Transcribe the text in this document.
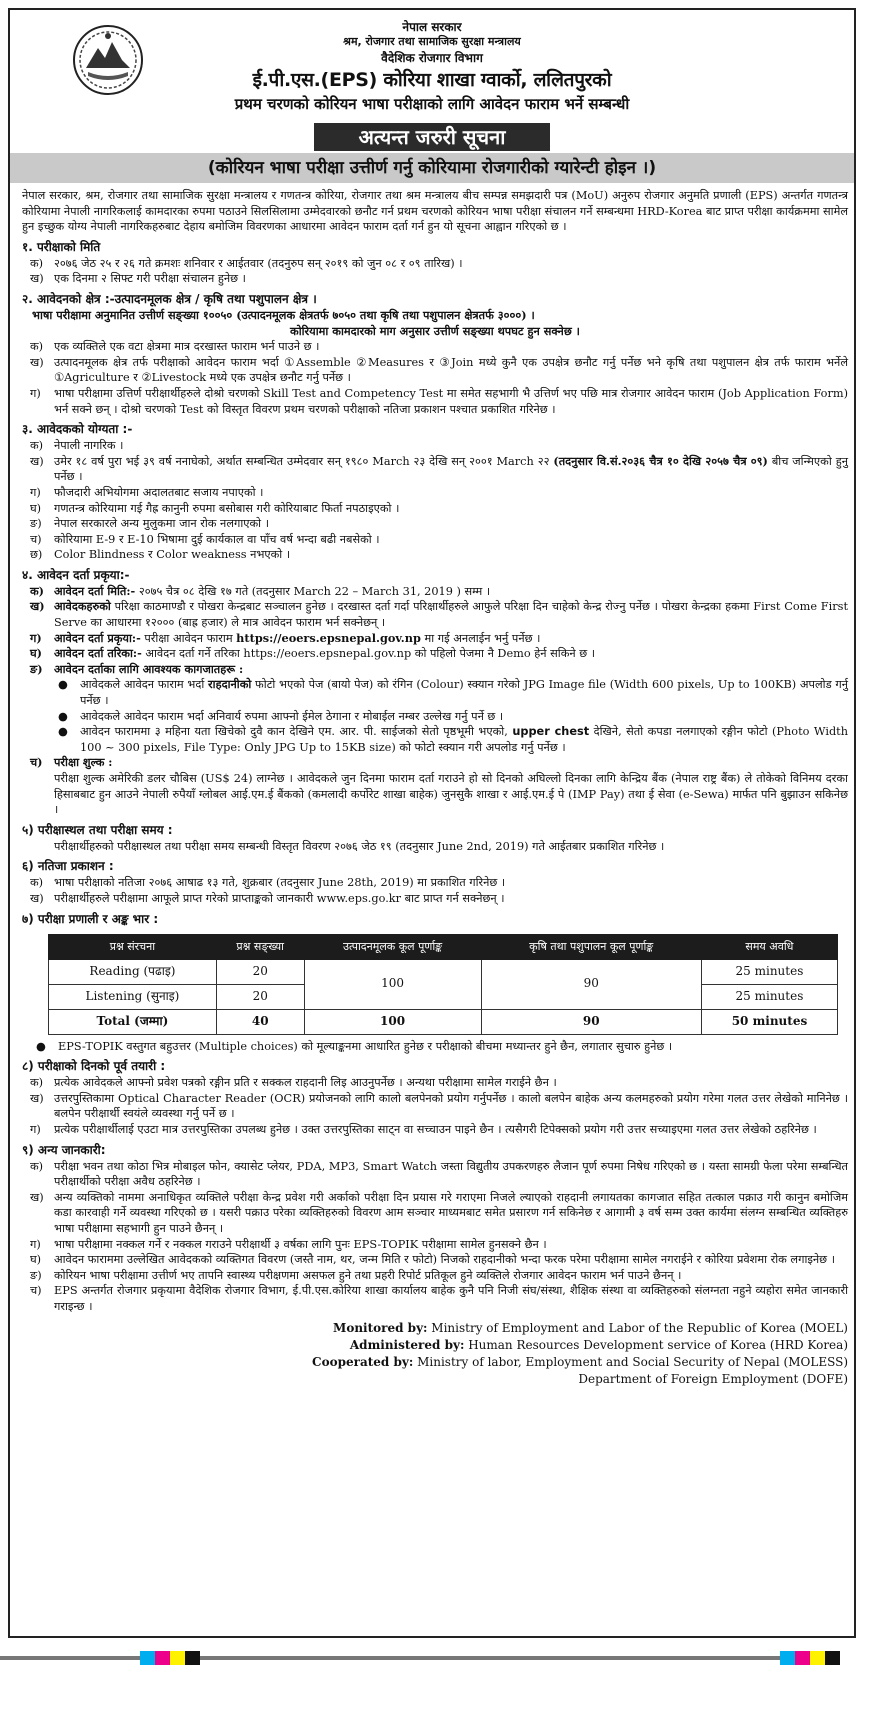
नेपाल सरकार
श्रम, रोजगार तथा सामाजिक सुरक्षा मन्त्रालय
वैदेशिक रोजगार विभाग
ई.पी.एस.(EPS) कोरिया शाखा ग्वार्को, ललितपुरको
प्रथम चरणको कोरियन भाषा परीक्षाको लागि आवेदन फाराम भर्ने सम्बन्धी
अत्यन्त जरुरी सूचना
(कोरियन भाषा परीक्षा उत्तीर्ण गर्नु कोरियामा रोजगारीको ग्यारेन्टी होइन ।)

नेपाल सरकार, श्रम, रोजगार तथा सामाजिक सुरक्षा मन्त्रालय र गणतन्त्र कोरिया, रोजगार तथा श्रम मन्त्रालय बीच सम्पन्न समझदारी पत्र (MoU) अनुरुप रोजगार अनुमति प्रणाली (EPS) अन्तर्गत गणतन्त्र कोरियामा नेपाली नागरिकलाई कामदारका रुपमा पठाउने सिलसिलामा उम्मेदवारको छनौट गर्न प्रथम चरणको कोरियन भाषा परीक्षा संचालन गर्ने सम्बन्धमा HRD-Korea बाट प्राप्त परीक्षा कार्यक्रममा सामेल हुन इच्छुक योग्य नेपाली नागरिकहरुबाट देहाय बमोजिम विवरणका आधारमा आवेदन फाराम दर्ता गर्न हुन यो सूचना आह्वान गरिएको छ ।

१. परीक्षाको मिति
क) २०७६ जेठ २५ र २६ गते क्रमशः शनिवार र आईतवार (तदनुरुप सन् २०१९ को जुन ०८ र ०९ तारिख) ।
ख) एक दिनमा २ सिफ्ट गरी परीक्षा संचालन हुनेछ ।
२. आवेदनको क्षेत्र :-उत्पादनमूलक क्षेत्र / कृषि तथा पशुपालन क्षेत्र ।

भाषा परीक्षामा अनुमानित उत्तीर्ण सङ्ख्या १००५० (उत्पादनमूलक क्षेत्रतर्फ ७०५० तथा कृषि तथा पशुपालन क्षेत्रतर्फ ३०००) ।

कोरियामा कामदारको माग अनुसार उत्तीर्ण सङ्ख्या थपघट हुन सक्नेछ ।

क) एक व्यक्तिले एक वटा क्षेत्रमा मात्र दरखास्त फाराम भर्न पाउने छ ।
ख) उत्पादनमूलक क्षेत्र तर्फ परीक्षाको आवेदन फाराम भर्दा ①Assemble ②Measures र ③Join मध्ये कुनै एक उपक्षेत्र छनौट गर्नु पर्नेछ भने कृषि तथा पशुपालन क्षेत्र तर्फ फाराम भर्नेले ①Agriculture र ②Livestock मध्ये एक उपक्षेत्र छनौट गर्नु पर्नेछ ।
ग)	भाषा परीक्षामा उत्तिर्ण परीक्षार्थीहरुले दोश्रो चरणको Skill Test and Competency Test मा समेत सहभागी भै उत्तिर्ण भए पछि मात्र रोजगार आवेदन फाराम (Job Application Form) भर्न सक्ने छन् । दोश्रो चरणको Test को विस्तृत विवरण प्रथम चरणको परीक्षाको नतिजा प्रकाशन पश्चात प्रकाशित गरिनेछ ।
३. आवेदकको योग्यता :-
क) नेपाली नागरिक ।
ख) उमेर १८ वर्ष पुरा भई ३९ वर्ष ननाघेको, अर्थात सम्बन्धित उम्मेदवार सन् १९८० March २३ देखि सन् २००१ March २२ (तदनुसार वि.सं.२०३६ चैत्र १० देखि २०५७ चैत्र ०९) बीच जन्मिएको हुनु पर्नेछ ।
ग)	फौजदारी अभियोगमा अदालतबाट सजाय नपाएको ।
घ)	गणतन्त्र कोरियामा गई गैह्र कानुनी रुपमा बसोबास गरी कोरियाबाट फिर्ता नपठाइएको ।
ङ)	नेपाल सरकारले अन्य मुलुकमा जान रोक नलगाएको ।
च)	कोरियामा E-9 र E-10 भिषामा दुई कार्यकाल वा पाँच वर्ष भन्दा बढी नबसेको ।
छ)	Color Blindness र Color weakness नभएको ।
४. आवेदन दर्ता प्रकृया:-
क) आवेदन दर्ता मिति:- २०७५ चैत्र ०८ देखि १७ गते (तदनुसार March 22 – March 31, 2019 ) सम्म ।
ख) आवेदकहरुको परिक्षा काठमाण्डौ र पोखरा केन्द्रबाट सञ्चालन हुनेछ । दरखास्त दर्ता गर्दा परिक्षार्थीहरुले आफुले परिक्षा दिन चाहेको केन्द्र रोज्नु पर्नेछ । पोखरा केन्द्रका हकमा First Come First Serve का आधारमा १२००० (बाह्र हजार) ले मात्र आवेदन फाराम भर्न सक्नेछन् ।
ग)	आवेदन दर्ता प्रकृया:- परीक्षा आवेदन फाराम https://eoers.epsnepal.gov.np मा गई अनलाईन भर्नु पर्नेछ ।
घ)	आवेदन दर्ता तरिका:- आवेदन दर्ता गर्ने तरिका https://eoers.epsnepal.gov.np को पहिलो पेजमा नै Demo हेर्न सकिने छ ।
ङ)	आवेदन दर्ताका लागि आवश्यक कागजातहरू :
●	आवेदकले आवेदन फाराम भर्दा राहदानीको फोटो भएको पेज (बायो पेज) को रंगिन (Colour) स्क्यान गरेको JPG Image file (Width 600 pixels, Up to 100KB) अपलोड गर्नु पर्नेछ ।
●	आवेदकले आवेदन फाराम भर्दा अनिवार्य रुपमा आफ्नो ईमेल ठेगाना र मोबाईल नम्बर उल्लेख गर्नु पर्ने छ ।
●	आवेदन फाराममा ३ महिना यता खिचेको दुवै कान देखिने एम. आर. पी. साईजको सेतो पृष्ठभूमी भएको, upper chest देखिने, सेतो कपडा नलगाएको रङ्गीन फोटो (Photo Width 100 ~ 300 pixels, File Type: Only JPG Up to 15KB size) को फोटो स्क्यान गरी अपलोड गर्नु पर्नेछ ।
च)	परीक्षा शुल्क :

परीक्षा शुल्क अमेरिकी डलर चौबिस (US$ 24) लाग्नेछ । आवेदकले जुन दिनमा फाराम दर्ता गराउने हो सो दिनको अघिल्लो दिनका लागि केन्द्रिय बैंक (नेपाल राष्ट्र बैंक) ले तोकेको विनिमय दरका हिसाबबाट हुन आउने नेपाली रुपैयाँ ग्लोबल आई.एम.ई बैंकको (कमलादी कर्पोरेट शाखा बाहेक) जुनसुकै शाखा र आई.एम.ई पे (IMP Pay) तथा ई सेवा (e-Sewa) मार्फत पनि बुझाउन सकिनेछ ।

५) परीक्षास्थल तथा परीक्षा समय :

परीक्षार्थीहरुको परीक्षास्थल तथा परीक्षा समय सम्बन्धी विस्तृत विवरण २०७६ जेठ १९ (तदनुसार June 2nd, 2019) गते आईतबार प्रकाशित गरिनेछ ।

६) नतिजा प्रकाशन :
क) भाषा परीक्षाको नतिजा २०७६ आषाढ १३ गते, शुक्रबार (तदनुसार June 28th, 2019) मा प्रकाशित गरिनेछ ।
ख) परीक्षार्थीहरुले परीक्षामा आफूले प्राप्त गरेको प्राप्ताङ्कको जानकारी www.eps.go.kr बाट प्राप्त गर्न सक्नेछन् ।
७) परीक्षा प्रणाली र अङ्क भार :
प्रश्न संरचना	प्रश्न सङ्ख्या	उत्पादनमूलक कूल पूर्णाङ्क	कृषि तथा पशुपालन कूल पूर्णाङ्क	समय अवधि
Reading (पढाइ)	20	100	90	25 minutes
Listening (सुनाइ)	20			25 minutes
Total (जम्मा)	40	100	90	50 minutes
●	EPS-TOPIK वस्तुगत बहुउत्तर (Multiple choices) को मूल्याङ्कनमा आधारित हुनेछ र परीक्षाको बीचमा मध्यान्तर हुने छैन, लगातार सुचारु हुनेछ ।
८) परीक्षाको दिनको पूर्व तयारी :
क) प्रत्येक आवेदकले आफ्नो प्रवेश पत्रको रङ्गीन प्रति र सक्कल राहदानी लिइ आउनुपर्नेछ । अन्यथा परीक्षामा सामेल गराईने छैन ।
ख) उत्तरपुस्तिकामा Optical Character Reader (OCR) प्रयोजनको लागि कालो बलपेनको प्रयोग गर्नुपर्नेछ । कालो बलपेन बाहेक अन्य कलमहरुको प्रयोग गरेमा गलत उत्तर लेखेको मानिनेछ । बलपेन परीक्षार्थी स्वयंले व्यवस्था गर्नु पर्ने छ ।
ग)	प्रत्येक परीक्षार्थीलाई एउटा मात्र उत्तरपुस्तिका उपलब्ध हुनेछ । उक्त उत्तरपुस्तिका साट्न वा सच्चाउन पाइने छैन । त्यसैगरी टिपेक्सको प्रयोग गरी उत्तर सच्याइएमा गलत उत्तर लेखेको ठहरिनेछ ।
९) अन्य जानकारी:
क) परीक्षा भवन तथा कोठा भित्र मोबाइल फोन, क्यासेट प्लेयर, PDA, MP3, Smart Watch जस्ता विद्युतीय उपकरणहरु लैजान पूर्ण रुपमा निषेध गरिएको छ । यस्ता सामग्री फेला परेमा सम्बन्धित परीक्षार्थीको परीक्षा अवैध ठहरिनेछ ।
ख) अन्य व्यक्तिको नाममा अनाधिकृत व्यक्तिले परीक्षा केन्द्र प्रवेश गरी अर्काको परीक्षा दिन प्रयास गरे गराएमा निजले ल्याएको राहदानी लगायतका कागजात सहित तत्काल पक्राउ गरी कानुन बमोजिम कडा कारवाही गर्ने व्यवस्था गरिएको छ । यसरी पक्राउ परेका व्यक्तिहरुको विवरण आम सञ्चार माध्यमबाट समेत प्रसारण गर्न सकिनेछ र आगामी ३ वर्ष सम्म उक्त कार्यमा संलग्न सम्बन्धित व्यक्तिहरु भाषा परीक्षामा सहभागी हुन पाउने छैनन् ।
ग)	भाषा परीक्षामा नक्कल गर्ने र नक्कल गराउने परीक्षार्थी ३ वर्षका लागि पुनः EPS-TOPIK परीक्षामा सामेल हुनसक्ने छैन ।
घ)	आवेदन फाराममा उल्लेखित आवेदकको व्यक्तिगत विवरण (जस्तै नाम, थर, जन्म मिति र फोटो) निजको राहदानीको भन्दा फरक परेमा परीक्षामा सामेल नगराईने र कोरिया प्रवेशमा रोक लगाइनेछ ।
ङ)	कोरियन भाषा परीक्षामा उत्तीर्ण भए तापनि स्वास्थ्य परीक्षणमा असफल हुने तथा प्रहरी रिपोर्ट प्रतिकूल हुने व्यक्तिले रोजगार आवेदन फाराम भर्न पाउने छैनन् ।
च)	EPS अन्तर्गत रोजगार प्रकृयामा वैदेशिक रोजगार विभाग, ई.पी.एस.कोरिया शाखा कार्यालय बाहेक कुनै पनि निजी संघ/संस्था, शैक्षिक संस्था वा व्यक्तिहरुको संलग्नता नहुने व्यहोरा समेत जानकारी गराइन्छ ।
Monitored by: Ministry of Employment and Labor of the Republic of Korea (MOEL)
Administered by: Human Resources Development service of Korea (HRD Korea)
Cooperated by: Ministry of labor, Employment and Social Security of Nepal (MOLESS)
Department of Foreign Employment (DOFE)
